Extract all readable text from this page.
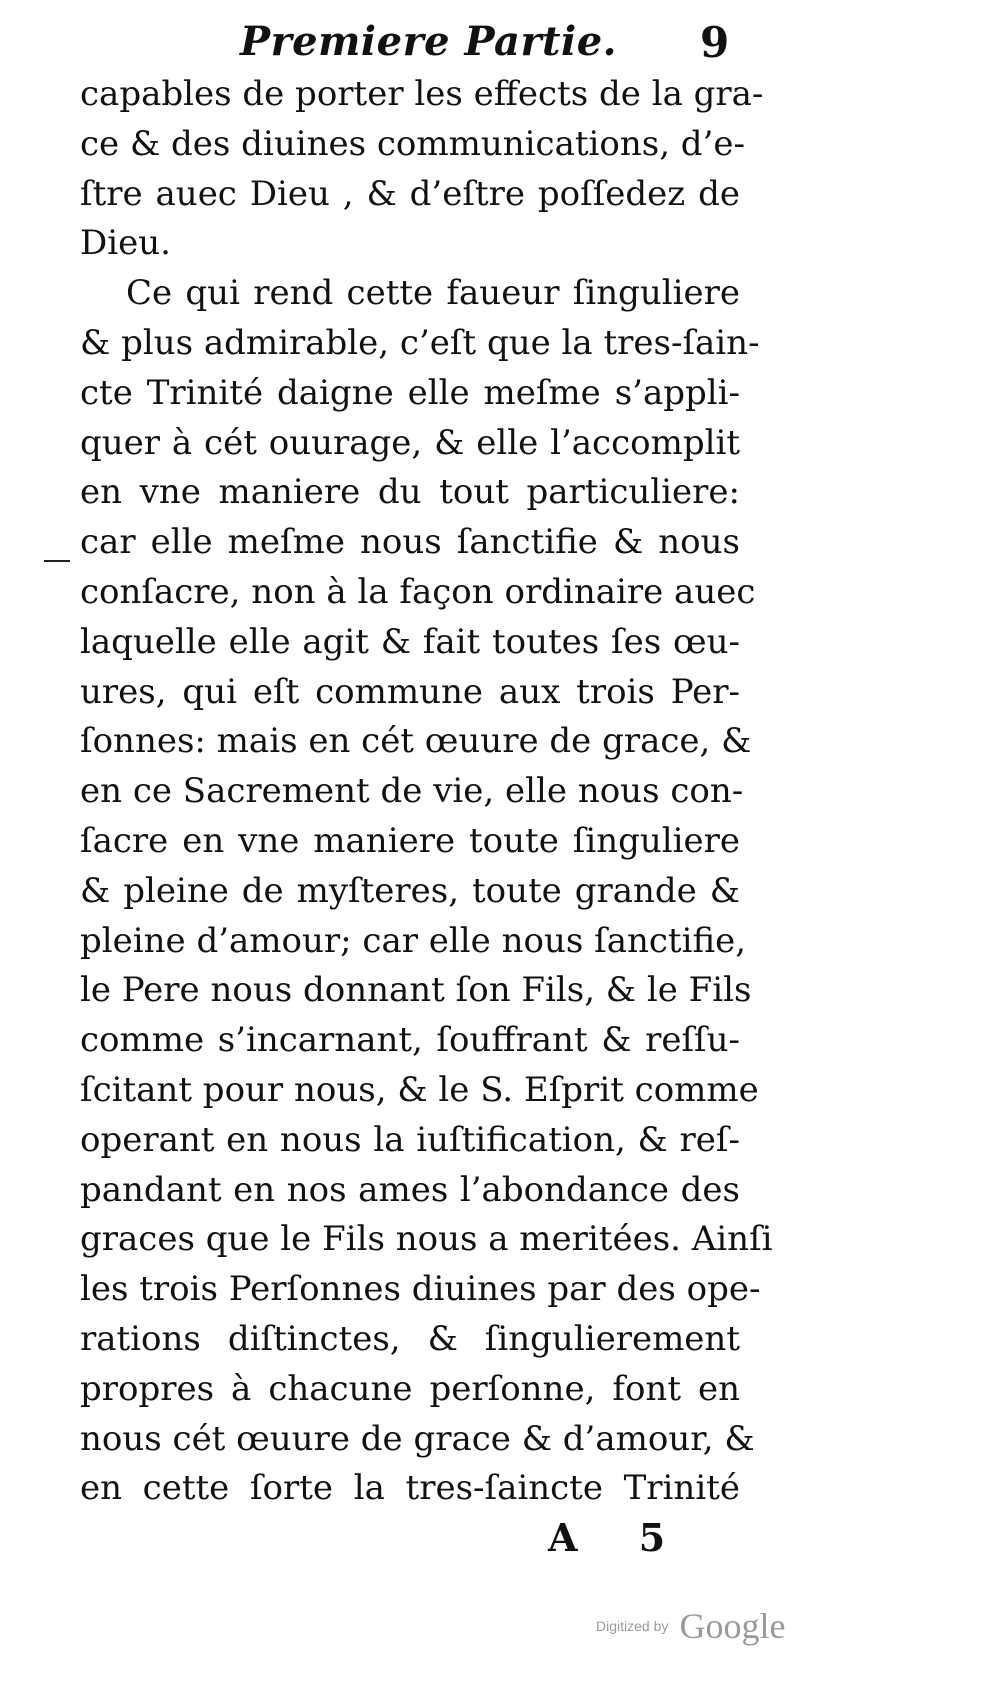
Premiere Partie. 9
capables de porter les effects de la gra-
ce & des diuines communications, d’e-
ſtre auec Dieu , & d’eſtre poſſedez de
Dieu.
Ce qui rend cette faueur ſinguliere
& plus admirable, c’eſt que la tres-ſain-
cte Trinité daigne elle meſme s’appli-
quer à cét ouurage, & elle l’accomplit
en vne maniere du tout particuliere:
car elle meſme nous ſanctifie & nous
conſacre, non à la façon ordinaire auec
laquelle elle agit & fait toutes ſes œu-
ures, qui eſt commune aux trois Per-
ſonnes: mais en cét œuure de grace, &
en ce Sacrement de vie, elle nous con-
ſacre en vne maniere toute ſinguliere
& pleine de myſteres, toute grande &
pleine d’amour; car elle nous ſanctifie,
le Pere nous donnant ſon Fils, & le Fils
comme s’incarnant, ſouffrant & reſſu-
ſcitant pour nous, & le S. Eſprit comme
operant en nous la iuſtification, & reſ-
pandant en nos ames l’abondance des
graces que le Fils nous a meritées. Ainſi
les trois Perſonnes diuines par des ope-
rations diſtinctes, & ſingulierement
propres à chacune perſonne, font en
nous cét œuure de grace & d’amour, &
en cette ſorte la tres-ſaincte Trinité
A 5
Digitized by Google
